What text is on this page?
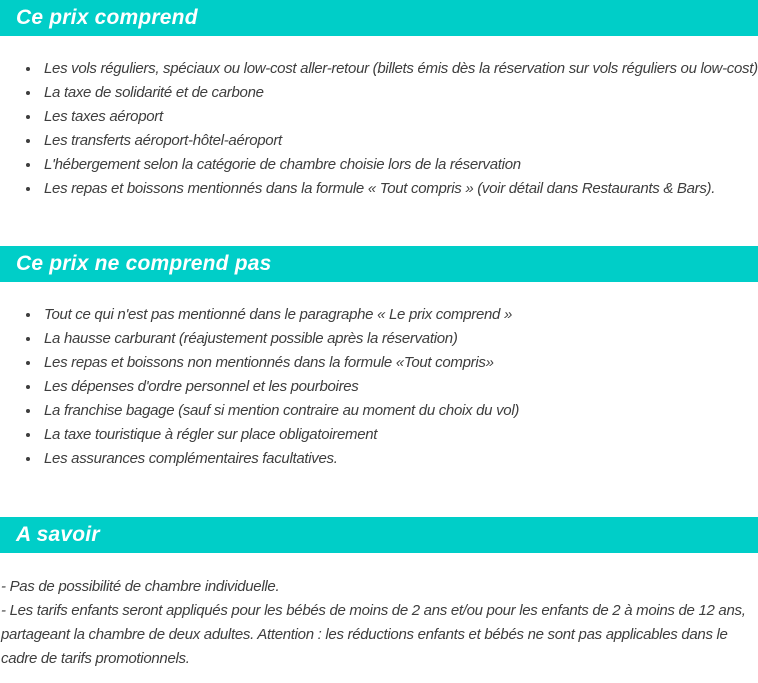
Ce prix comprend
• Les vols réguliers, spéciaux ou low-cost aller-retour (billets émis dès la réservation sur vols réguliers ou low-cost)
• La taxe de solidarité et de carbone
• Les taxes aéroport
• Les transferts aéroport-hôtel-aéroport
• L'hébergement selon la catégorie de chambre choisie lors de la réservation
• Les repas et boissons mentionnés dans la formule « Tout compris » (voir détail dans Restaurants & Bars).
Ce prix ne comprend pas
• Tout ce qui n'est pas mentionné dans le paragraphe « Le prix comprend »
• La hausse carburant (réajustement possible après la réservation)
• Les repas et boissons non mentionnés dans la formule «Tout compris»
• Les dépenses d'ordre personnel et les pourboires
• La franchise bagage (sauf si mention contraire au moment du choix du vol)
• La taxe touristique à régler sur place obligatoirement
• Les assurances complémentaires facultatives.
A savoir

- Pas de possibilité de chambre individuelle.

- Les tarifs enfants seront appliqués pour les bébés de moins de 2 ans et/ou pour les enfants de 2 à moins de 12 ans, partageant la chambre de deux adultes. Attention : les réductions enfants et bébés ne sont pas applicables dans le cadre de tarifs promotionnels.
